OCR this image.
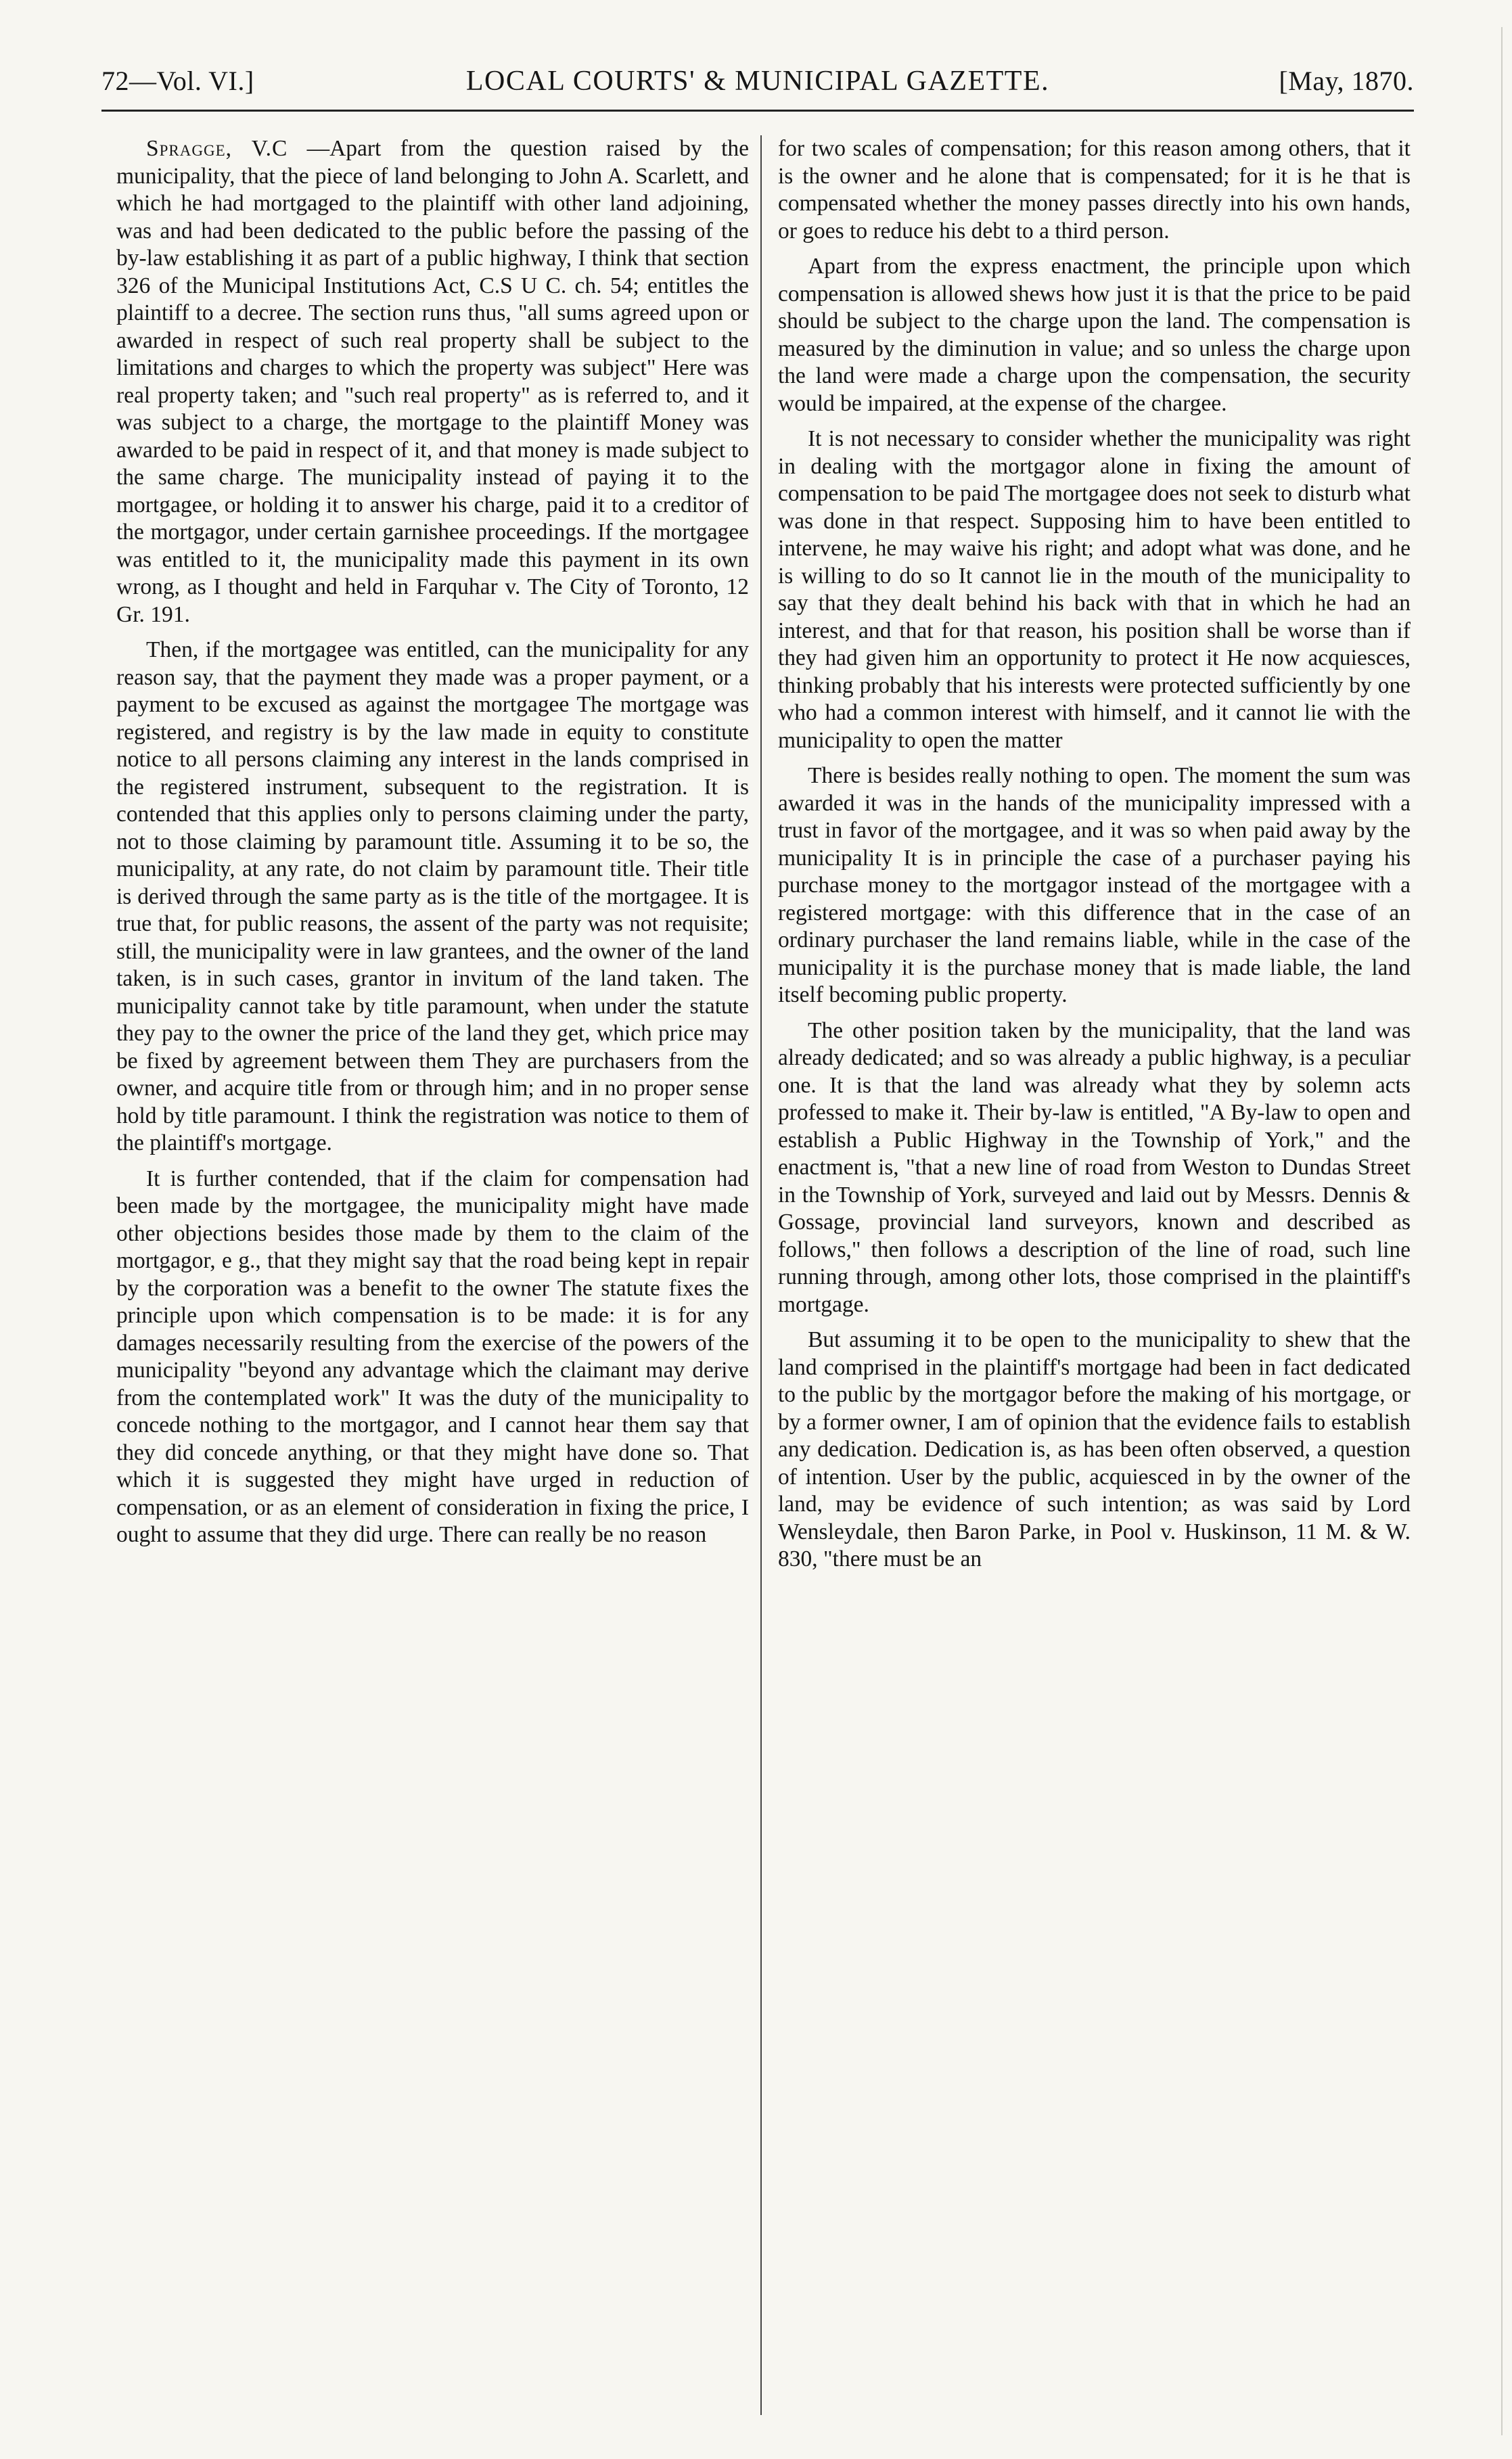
LOCAL COURTS' & MUNICIPAL GAZETTE.
72—Vol. VI.]	[May, 1870.

Spragge, V.C —Apart from the question raised by the municipality, that the piece of land belonging to John A. Scarlett, and which he had mortgaged to the plaintiff with other land adjoining, was and had been dedicated to the public before the passing of the by-law establishing it as part of a public highway, I think that section 326 of the Municipal Institutions Act, C.S U C. ch. 54; entitles the plaintiff to a decree. The section runs thus, "all sums agreed upon or awarded in respect of such real property shall be subject to the limitations and charges to which the property was subject" Here was real property taken; and "such real property" as is referred to, and it was subject to a charge, the mortgage to the plaintiff Money was awarded to be paid in respect of it, and that money is made subject to the same charge. The municipality instead of paying it to the mortgagee, or holding it to answer his charge, paid it to a creditor of the mortgagor, under certain garnishee proceedings. If the mortgagee was entitled to it, the municipality made this payment in its own wrong, as I thought and held in Farquhar v. The City of Toronto, 12 Gr. 191.

Then, if the mortgagee was entitled, can the municipality for any reason say, that the payment they made was a proper payment, or a payment to be excused as against the mortgagee The mortgage was registered, and registry is by the law made in equity to constitute notice to all persons claiming any interest in the lands comprised in the registered instrument, subsequent to the registration. It is contended that this applies only to persons claiming under the party, not to those claiming by paramount title. Assuming it to be so, the municipality, at any rate, do not claim by paramount title. Their title is derived through the same party as is the title of the mortgagee. It is true that, for public reasons, the assent of the party was not requisite; still, the municipality were in law grantees, and the owner of the land taken, is in such cases, grantor in invitum of the land taken. The municipality cannot take by title paramount, when under the statute they pay to the owner the price of the land they get, which price may be fixed by agreement between them They are purchasers from the owner, and acquire title from or through him; and in no proper sense hold by title paramount. I think the registration was notice to them of the plaintiff's mortgage.

It is further contended, that if the claim for compensation had been made by the mortgagee, the municipality might have made other objections besides those made by them to the claim of the mortgagor, e g., that they might say that the road being kept in repair by the corporation was a benefit to the owner The statute fixes the principle upon which compensation is to be made: it is for any damages necessarily resulting from the exercise of the powers of the municipality "beyond any advantage which the claimant may derive from the contemplated work" It was the duty of the municipality to concede nothing to the mortgagor, and I cannot hear them say that they did concede anything, or that they might have done so. That which it is suggested they might have urged in reduction of compensation, or as an element of consideration in fixing the price, I ought to assume that they did urge. There can really be no reason

for two scales of compensation; for this reason among others, that it is the owner and he alone that is compensated; for it is he that is compensated whether the money passes directly into his own hands, or goes to reduce his debt to a third person.

Apart from the express enactment, the principle upon which compensation is allowed shews how just it is that the price to be paid should be subject to the charge upon the land. The compensation is measured by the diminution in value; and so unless the charge upon the land were made a charge upon the compensation, the security would be impaired, at the expense of the chargee.

It is not necessary to consider whether the municipality was right in dealing with the mortgagor alone in fixing the amount of compensation to be paid The mortgagee does not seek to disturb what was done in that respect. Supposing him to have been entitled to intervene, he may waive his right; and adopt what was done, and he is willing to do so It cannot lie in the mouth of the municipality to say that they dealt behind his back with that in which he had an interest, and that for that reason, his position shall be worse than if they had given him an opportunity to protect it He now acquiesces, thinking probably that his interests were protected sufficiently by one who had a common interest with himself, and it cannot lie with the municipality to open the matter

There is besides really nothing to open. The moment the sum was awarded it was in the hands of the municipality impressed with a trust in favor of the mortgagee, and it was so when paid away by the municipality It is in principle the case of a purchaser paying his purchase money to the mortgagor instead of the mortgagee with a registered mortgage: with this difference that in the case of an ordinary purchaser the land remains liable, while in the case of the municipality it is the purchase money that is made liable, the land itself becoming public property.

The other position taken by the municipality, that the land was already dedicated; and so was already a public highway, is a peculiar one. It is that the land was already what they by solemn acts professed to make it. Their by-law is entitled, "A By-law to open and establish a Public Highway in the Township of York," and the enactment is, "that a new line of road from Weston to Dundas Street in the Township of York, surveyed and laid out by Messrs. Dennis & Gossage, provincial land surveyors, known and described as follows," then follows a description of the line of road, such line running through, among other lots, those comprised in the plaintiff's mortgage.

But assuming it to be open to the municipality to shew that the land comprised in the plaintiff's mortgage had been in fact dedicated to the public by the mortgagor before the making of his mortgage, or by a former owner, I am of opinion that the evidence fails to establish any dedication. Dedication is, as has been often observed, a question of intention. User by the public, acquiesced in by the owner of the land, may be evidence of such intention; as was said by Lord Wensleydale, then Baron Parke, in Pool v. Huskinson, 11 M. & W. 830, "there must be an
